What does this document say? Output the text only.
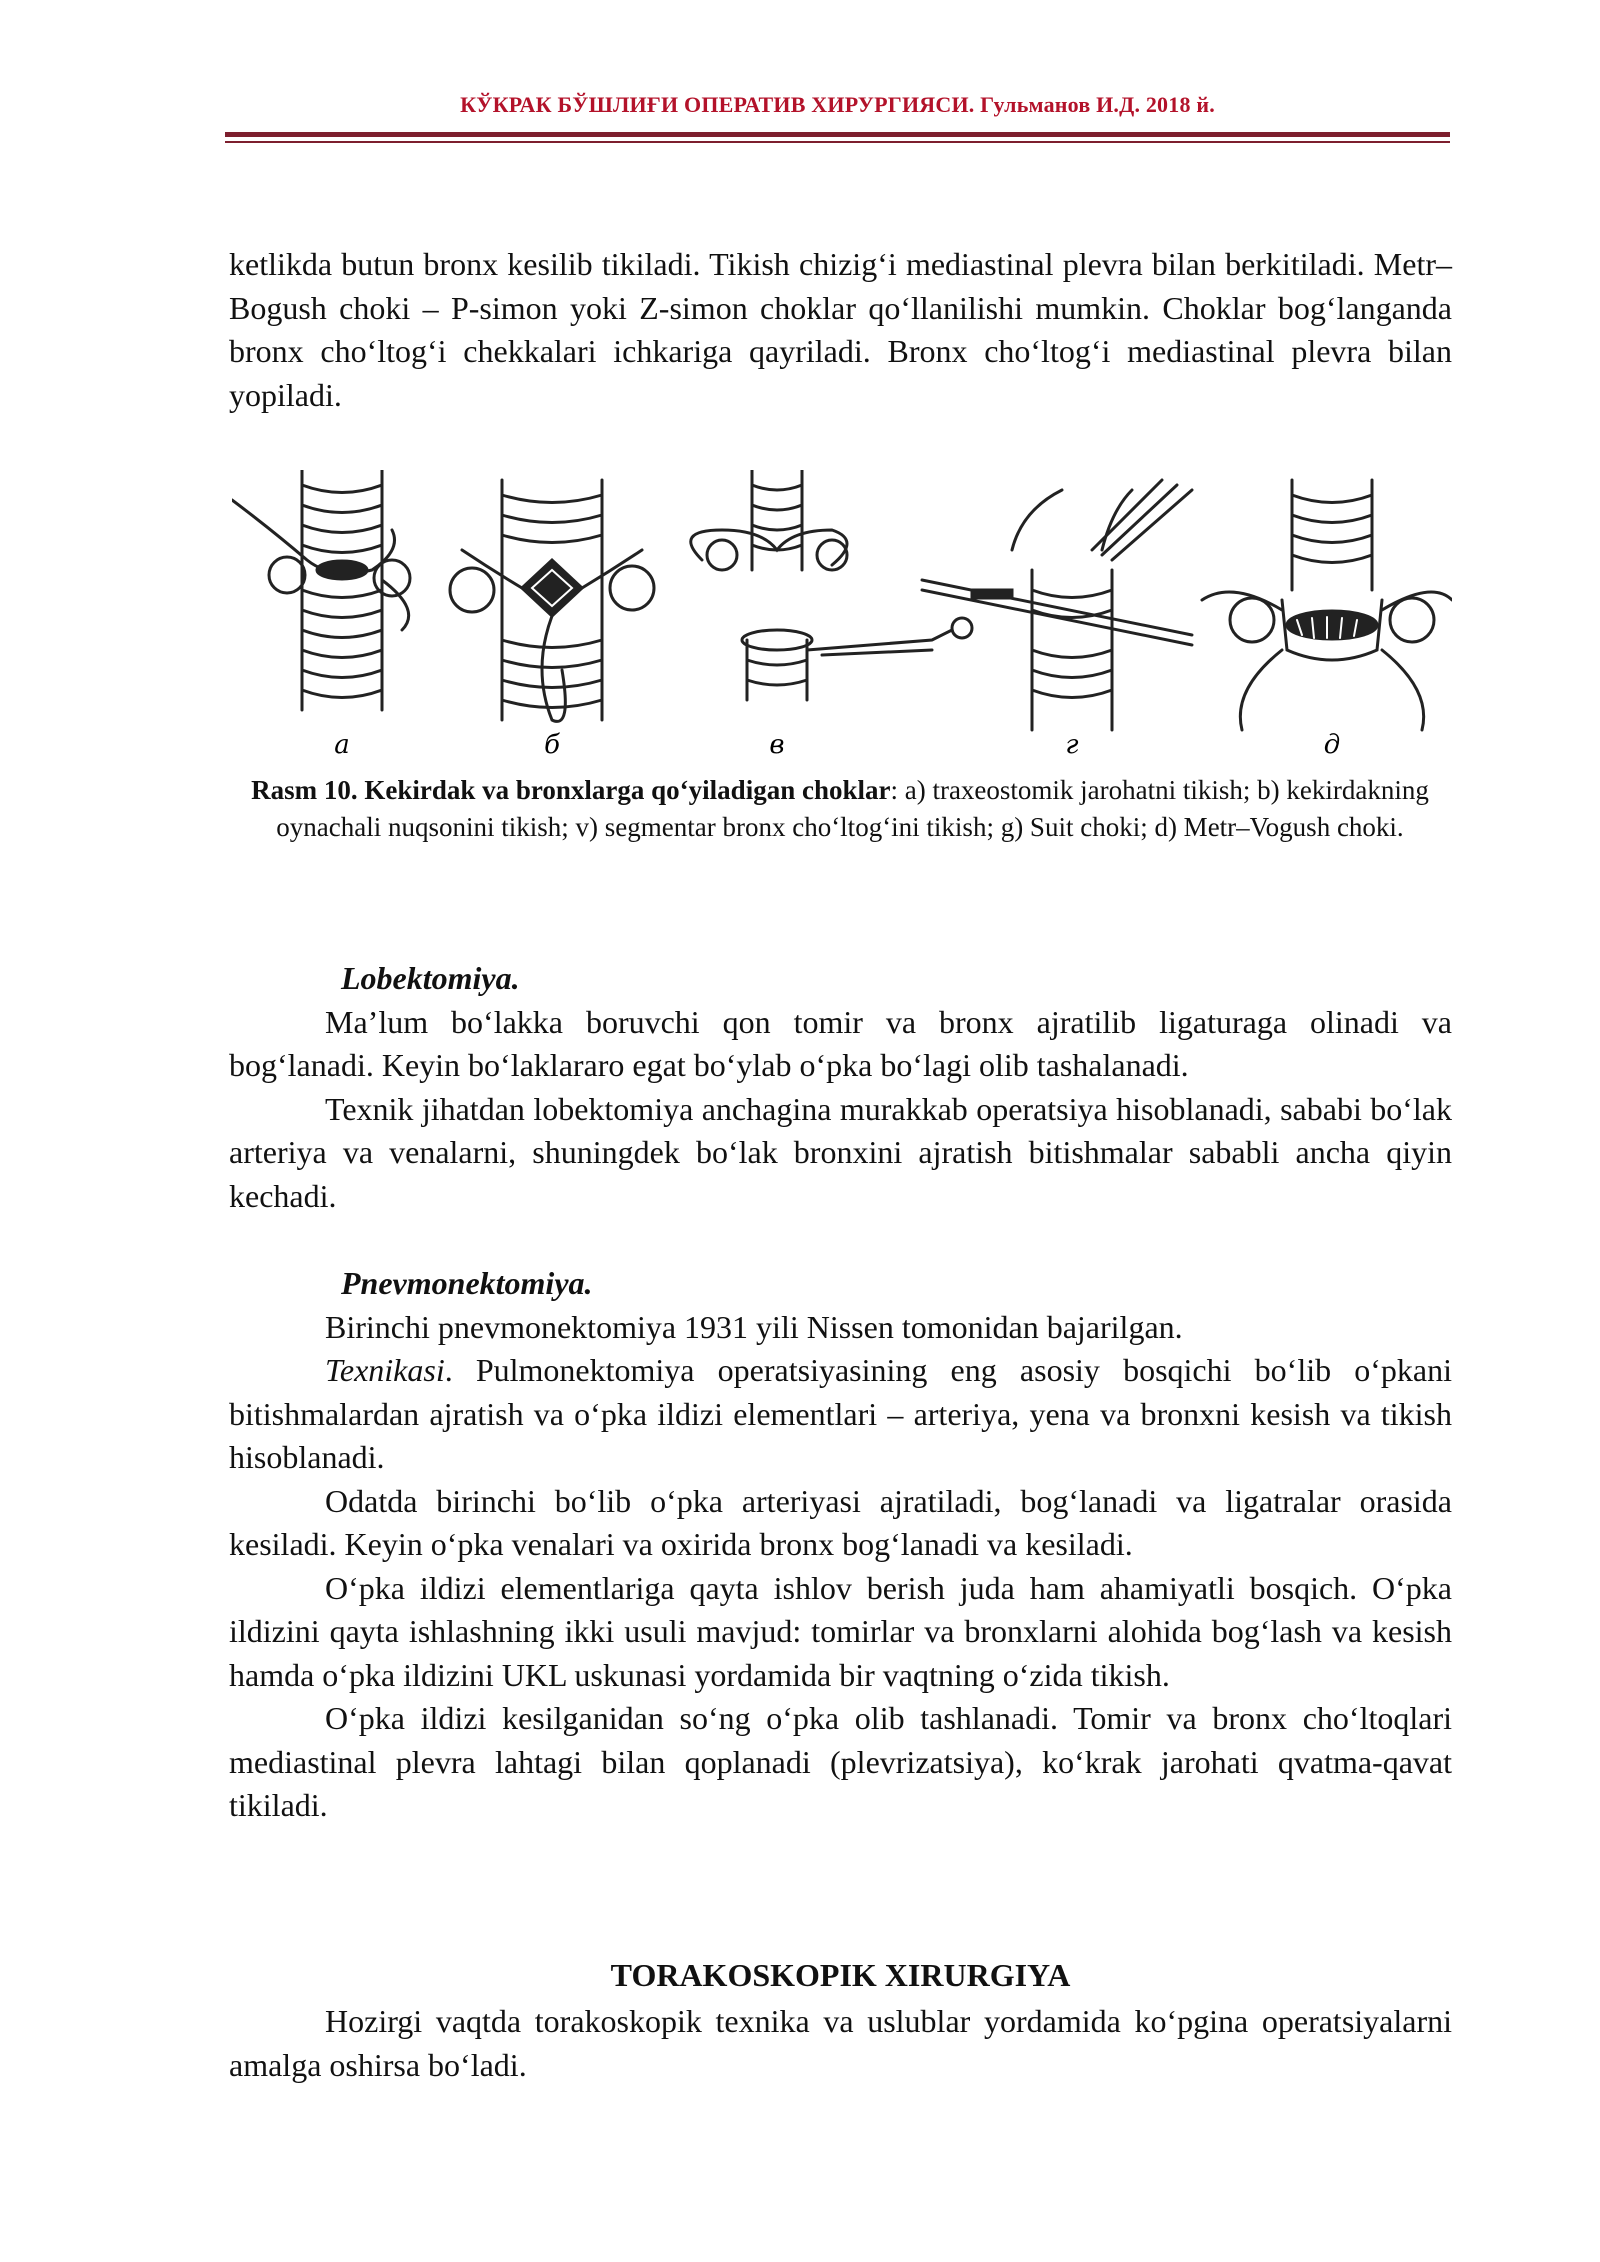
КЎКРАК БЎШЛИҒИ ОПЕРАТИВ ХИРУРГИЯСИ. Гульманов И.Д. 2018 й.

ketlikda butun bronx kesilib tikiladi. Tikish chizig‘i mediastinal plevra bilan berkitiladi. Metr–Bogush choki – P-simon yoki Z-simon choklar qo‘llanilishi mumkin. Choklar bog‘langanda bronx cho‘ltog‘i chekkalari ichkariga qayriladi. Bronx cho‘ltog‘i mediastinal plevra bilan yopiladi.

а	б	в	г	д
Rasm 10. Kekirdak va bronxlarga qo‘yiladigan choklar: a) traxeostomik jarohatni tikish; b) kekirdakning oynachali nuqsonini tikish; v) segmentar bronx cho‘ltog‘ini tikish; g) Suit choki; d) Metr–Vogush choki.

Lobektomiya.

Ma’lum bo‘lakka boruvchi qon tomir va bronx ajratilib ligaturaga olinadi va bog‘lanadi. Keyin bo‘laklararo egat bo‘ylab o‘pka bo‘lagi olib tashalanadi.

Texnik jihatdan lobektomiya anchagina murakkab operatsiya hisoblanadi, sababi bo‘lak arteriya va venalarni, shuningdek bo‘lak bronxini ajratish bitishmalar sababli ancha qiyin kechadi.

Pnevmonektomiya.

Birinchi pnevmonektomiya 1931 yili Nissen tomonidan bajarilgan.

Texnikasi. Pulmonektomiya operatsiyasining eng asosiy bosqichi bo‘lib o‘pkani bitishmalardan ajratish va o‘pka ildizi elementlari – arteriya, yena va bronxni kesish va tikish hisoblanadi.

Odatda birinchi bo‘lib o‘pka arteriyasi ajratiladi, bog‘lanadi va ligatralar orasida kesiladi. Keyin o‘pka venalari va oxirida bronx bog‘lanadi va kesiladi.

O‘pka ildizi elementlariga qayta ishlov berish juda ham ahamiyatli bosqich. O‘pka ildizini qayta ishlashning ikki usuli mavjud: tomirlar va bronxlarni alohida bog‘lash va kesish hamda o‘pka ildizini UKL uskunasi yordamida bir vaqtning o‘zida tikish.

O‘pka ildizi kesilganidan so‘ng o‘pka olib tashlanadi. Tomir va bronx cho‘ltoqlari mediastinal plevra lahtagi bilan qoplanadi (plevrizatsiya), ko‘krak jarohati qvatma-qavat tikiladi.

TORAKOSKOPIK XIRURGIYA

Hozirgi vaqtda torakoskopik texnika va uslublar yordamida ko‘pgina operatsiyalarni amalga oshirsa bo‘ladi.
